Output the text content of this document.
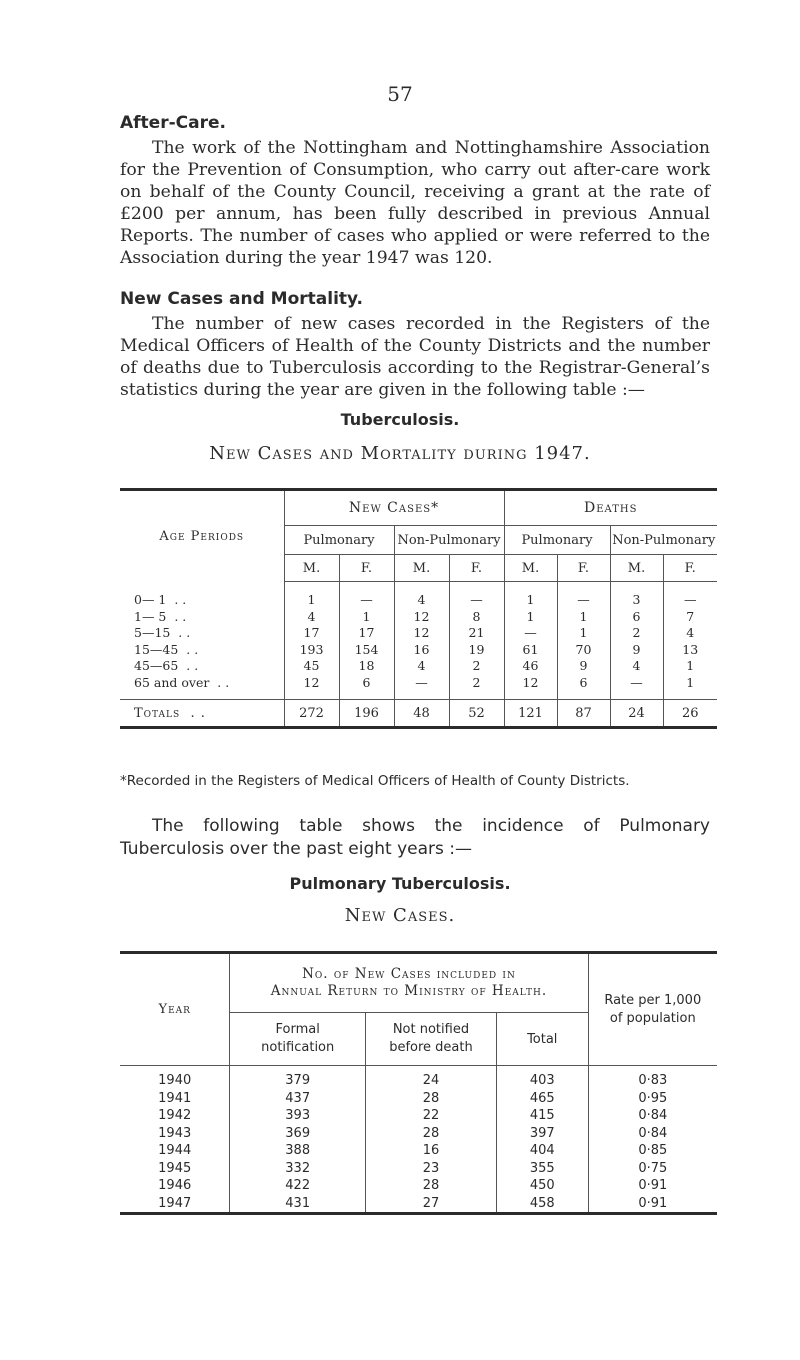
57
After-Care.

The work of the Nottingham and Nottinghamshire Association for the Prevention of Consumption, who carry out after-care work on behalf of the County Council, receiving a grant at the rate of £200 per annum, has been fully described in previous Annual Reports. The number of cases who applied or were referred to the Association during the year 1947 was 120.

New Cases and Mortality.

The number of new cases recorded in the Registers of the Medical Officers of Health of the County Districts and the number of deaths due to Tuberculosis according to the Registrar-General’s statistics during the year are given in the following table :—

Tuberculosis.
New Cases and Mortality during 1947.
Age Periods	New Cases*				Deaths			
	Pulmonary		Non-Pulmonary		Pulmonary		Non-Pulmonary	
	M.	F.	M.	F.	M.	F.	M.	F.
0— 1  . .	1	—	4	—	1	—	3	—
1— 5  . .	4	1	12	8	1	1	6	7
5—15  . .	17	17	12	21	—	1	2	4
15—45  . .	193	154	16	19	61	70	9	13
45—65  . .	45	18	4	2	46	9	4	1
65 and over  . .	12	6	—	2	12	6	—	1
Totals  . .	272	196	48	52	121	87	24	26
*Recorded in the Registers of Medical Officers of Health of County Districts.

The following table shows the incidence of Pulmonary Tuberculosis over the past eight years :—

Pulmonary Tuberculosis.
New Cases.
Year	No. of New Cases included in
Annual Return to Ministry of Health.			Rate per 1,000 of population
	Formal notification	Not notified before death	Total	
1940	379	24	403	0·83
1941	437	28	465	0·95
1942	393	22	415	0·84
1943	369	28	397	0·84
1944	388	16	404	0·85
1945	332	23	355	0·75
1946	422	28	450	0·91
1947	431	27	458	0·91
